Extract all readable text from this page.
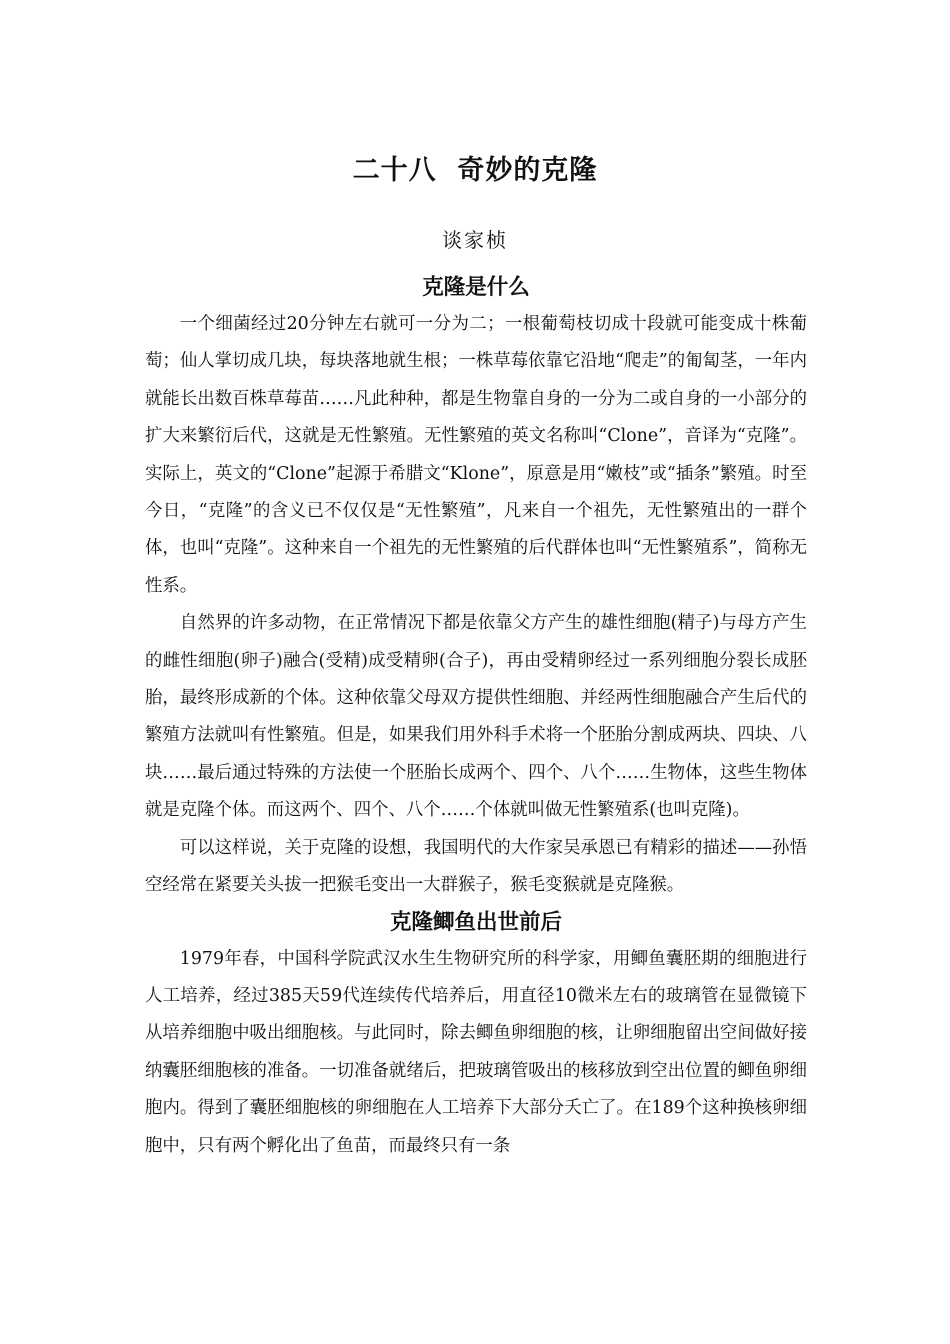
二十八  奇妙的克隆
谈家桢
克隆是什么

一个细菌经过20分钟左右就可一分为二；一根葡萄枝切成十段就可能变成十株葡萄；仙人掌切成几块，每块落地就生根；一株草莓依靠它沿地“爬走”的匍匐茎，一年内就能长出数百株草莓苗……凡此种种，都是生物靠自身的一分为二或自身的一小部分的扩大来繁衍后代，这就是无性繁殖。无性繁殖的英文名称叫“Clone”，音译为“克隆”。实际上，英文的“Clone”起源于希腊文“Klone”，原意是用“嫩枝”或“插条”繁殖。时至今日，“克隆”的含义已不仅仅是“无性繁殖”，凡来自一个祖先，无性繁殖出的一群个体，也叫“克隆”。这种来自一个祖先的无性繁殖的后代群体也叫“无性繁殖系”，简称无性系。

自然界的许多动物，在正常情况下都是依靠父方产生的雄性细胞(精子)与母方产生的雌性细胞(卵子)融合(受精)成受精卵(合子)，再由受精卵经过一系列细胞分裂长成胚胎，最终形成新的个体。这种依靠父母双方提供性细胞、并经两性细胞融合产生后代的繁殖方法就叫有性繁殖。但是，如果我们用外科手术将一个胚胎分割成两块、四块、八块……最后通过特殊的方法使一个胚胎长成两个、四个、八个……生物体，这些生物体就是克隆个体。而这两个、四个、八个……个体就叫做无性繁殖系(也叫克隆)。

可以这样说，关于克隆的设想，我国明代的大作家吴承恩已有精彩的描述——孙悟空经常在紧要关头拔一把猴毛变出一大群猴子，猴毛变猴就是克隆猴。

克隆鲫鱼出世前后

1979年春，中国科学院武汉水生生物研究所的科学家，用鲫鱼囊胚期的细胞进行人工培养，经过385天59代连续传代培养后，用直径10微米左右的玻璃管在显微镜下从培养细胞中吸出细胞核。与此同时，除去鲫鱼卵细胞的核，让卵细胞留出空间做好接纳囊胚细胞核的准备。一切准备就绪后，把玻璃管吸出的核移放到空出位置的鲫鱼卵细胞内。得到了囊胚细胞核的卵细胞在人工培养下大部分夭亡了。在189个这种换核卵细胞中，只有两个孵化出了鱼苗，而最终只有一条
